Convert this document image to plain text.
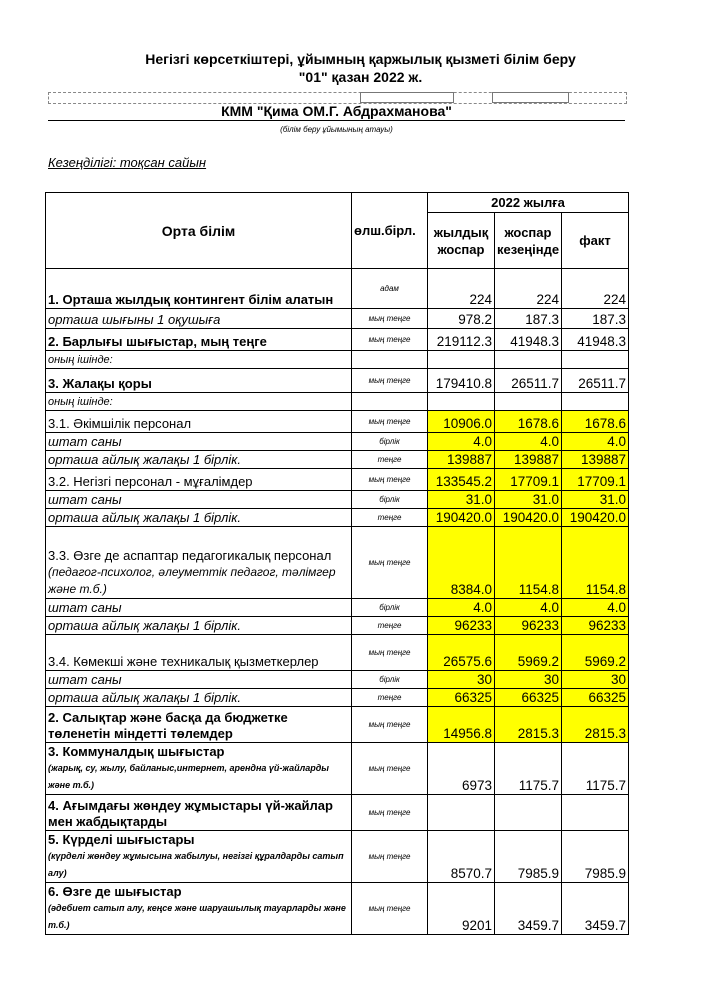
Негізгі көрсеткіштері, ұйымның қаржылық қызметі білім беру
"01" қазан 2022 ж.
КММ "Қима ОМ.Г. Абдрахманова"
(білім беру ұйымының атауы)
Кезеңділігі: тоқсан сайын
Орта білім	өлш.бірл.	2022 жылға		
		жылдық жоспар	жоспар кезеңінде	факт
1. Орташа жылдық контингент білім алатын	адам	224	224	224
орташа шығыны 1 оқушыға	мың теңге	978.2	187.3	187.3
2. Барлығы шығыстар, мың теңге	мың теңге	219112.3	41948.3	41948.3
оның ішінде:				
3. Жалақы қоры	мың теңге	179410.8	26511.7	26511.7
оның ішінде:				
3.1. Әкімшілік персонал	мың теңге	10906.0	1678.6	1678.6
штат саны	бірлік	4.0	4.0	4.0
орташа айлық жалақы 1 бірлік.	теңге	139887	139887	139887
3.2. Негізгі персонал - мұғалімдер	мың теңге	133545.2	17709.1	17709.1
штат саны	бірлік	31.0	31.0	31.0
орташа айлық жалақы 1 бірлік.	теңге	190420.0	190420.0	190420.0
3.3. Өзге де аспаптар педагогикалық персонал
(педагог-психолог, әлеуметтік педагог, тәлімгер және т.б.)	мың теңге	8384.0	1154.8	1154.8
штат саны	бірлік	4.0	4.0	4.0
орташа айлық жалақы 1 бірлік.	теңге	96233	96233	96233
3.4. Көмекші және техникалық қызметкерлер	мың теңге	26575.6	5969.2	5969.2
штат саны	бірлік	30	30	30
орташа айлық жалақы 1 бірлік.	теңге	66325	66325	66325
2. Салықтар және басқа да бюджетке төленетін міндетті төлемдер	мың теңге	14956.8	2815.3	2815.3
3. Коммуналдық шығыстар
(жарық, су, жылу, байланыс,интернет, арендна үй-жайларды және т.б.)	мың теңге	6973	1175.7	1175.7
4. Ағымдағы жөндеу жұмыстары үй-жайлар мен жабдықтарды	мың теңге			
5. Күрделі шығыстары
(күрделі жөндеу жұмысына жабылуы, негізгі құралдарды сатып алу)	мың теңге	8570.7	7985.9	7985.9
6. Өзге де шығыстар
(әдебиет сатып алу, кеңсе және шаруашылық тауарларды және т.б.)	мың теңге	9201	3459.7	3459.7
